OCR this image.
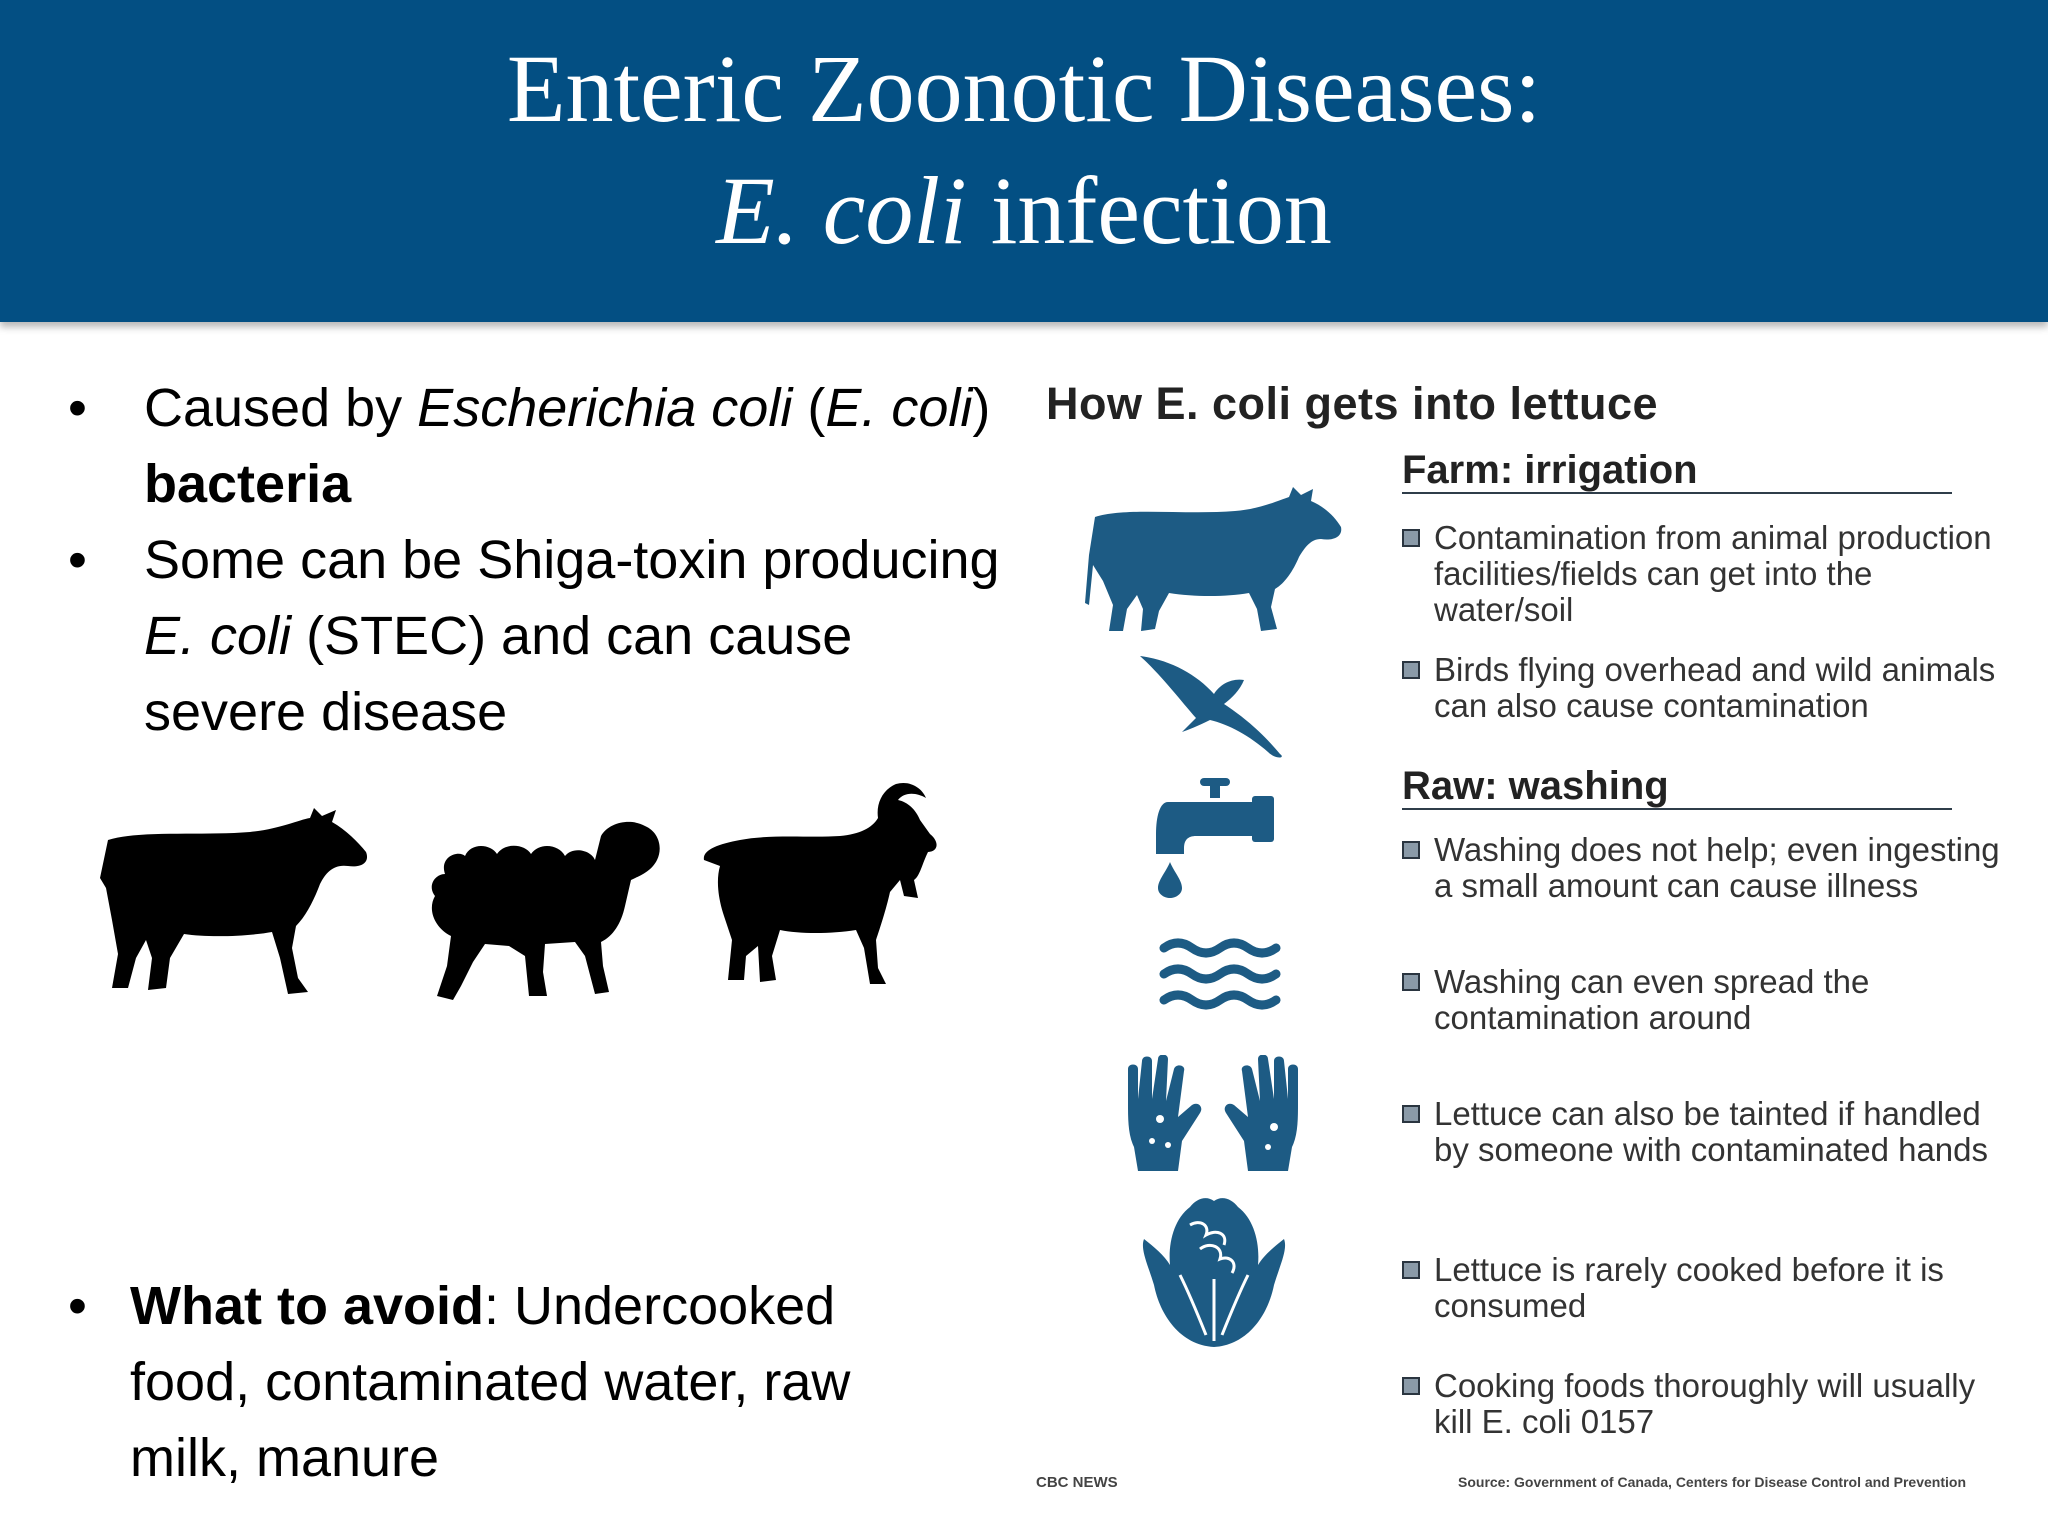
Enteric Zoonotic Diseases:
E. coli infection
• Caused by Escherichia coli (E. coli)
bacteria
• Some can be Shiga-toxin producing E. coli (STEC) and can cause severe disease
• What to avoid: Undercooked food, contaminated water, raw milk, manure
How E. coli gets into lettuce
Farm: irrigation
Contamination from animal production facilities/fields can get into the water/soil
Birds flying overhead and wild animals can also cause contamination
Raw: washing
Washing does not help; even ingesting a small amount can cause illness
Washing can even spread the contamination around
Lettuce can also be tainted if handled by someone with contaminated hands
Lettuce is rarely cooked before it is consumed
Cooking foods thoroughly will usually kill E. coli 0157
CBC NEWS	Source: Government of Canada, Centers for Disease Control and Prevention
